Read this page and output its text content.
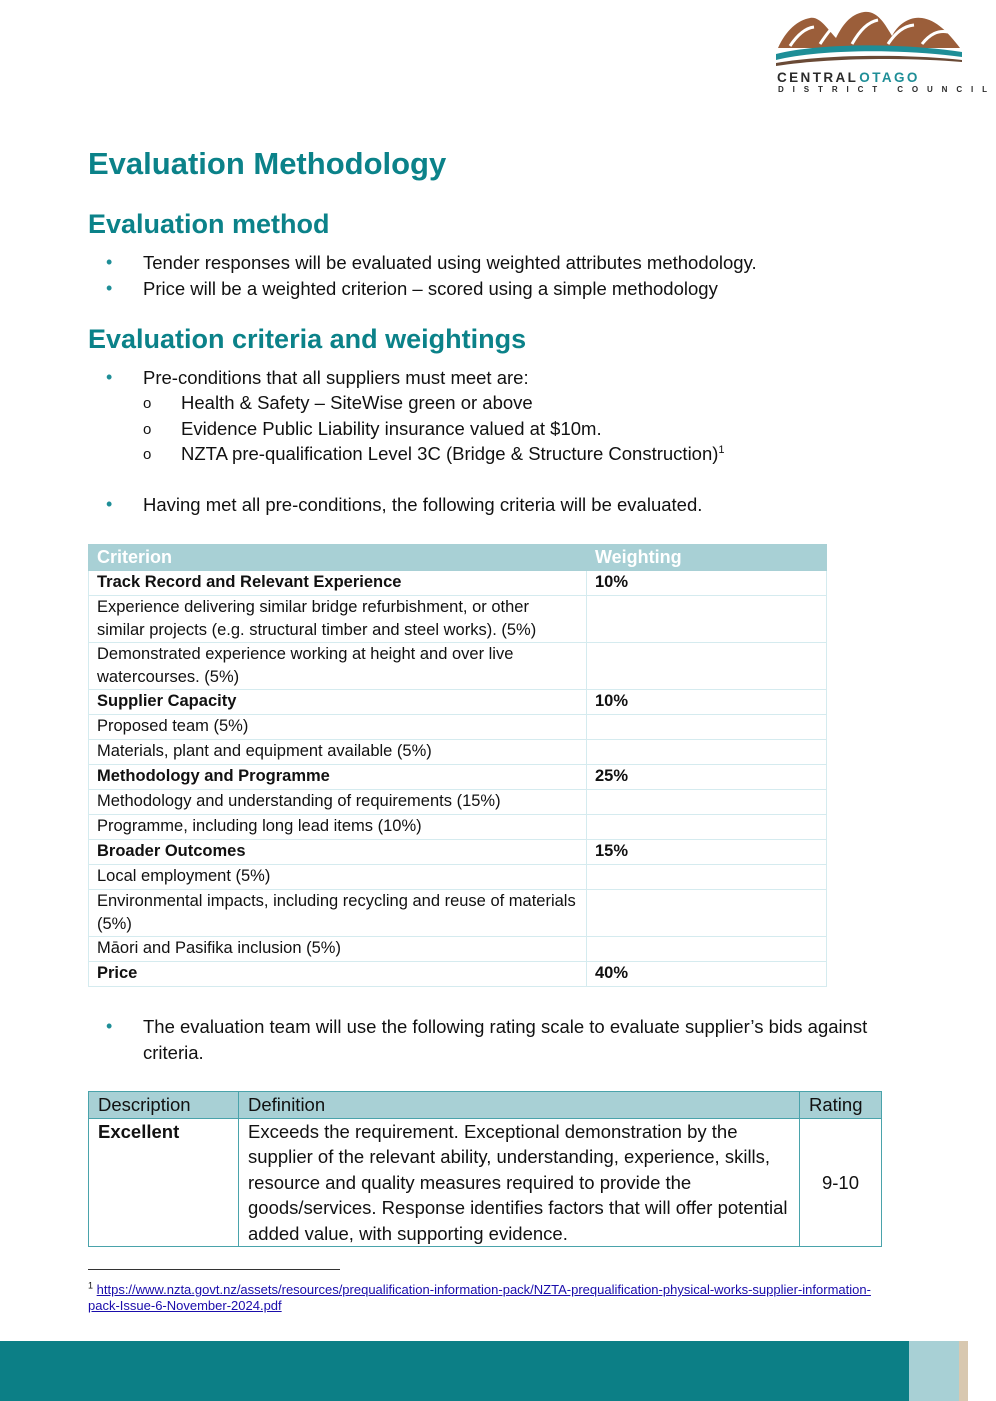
CENTRALOTAGO
DISTRICT COUNCIL
Evaluation Methodology
Evaluation method
• Tender responses will be evaluated using weighted attributes methodology.
• Price will be a weighted criterion – scored using a simple methodology
Evaluation criteria and weightings
• Pre-conditions that all suppliers must meet are:
o Health & Safety – SiteWise green or above
o Evidence Public Liability insurance valued at $10m.
o NZTA pre-qualification Level 3C (Bridge & Structure Construction)$^1$
• Having met all pre-conditions, the following criteria will be evaluated.
Criterion	Weighting
Track Record and Relevant Experience	10%
Experience delivering similar bridge refurbishment, or other similar projects (e.g. structural timber and steel works). (5%)	
Demonstrated experience working at height and over live watercourses. (5%)	
Supplier Capacity	10%
Proposed team (5%)	
Materials, plant and equipment available (5%)	
Methodology and Programme	25%
Methodology and understanding of requirements (15%)	
Programme, including long lead items (10%)	
Broader Outcomes	15%
Local employment (5%)	
Environmental impacts, including recycling and reuse of materials (5%)	
Māori and Pasifika inclusion (5%)	
Price	40%
• The evaluation team will use the following rating scale to evaluate supplier’s bids against criteria.
Description	Definition	Rating
Excellent	Exceeds the requirement. Exceptional demonstration by the supplier of the relevant ability, understanding, experience, skills, resource and quality measures required to provide the goods/services. Response identifies factors that will offer potential added value, with supporting evidence.	9-10
$^1$ https://www.nzta.govt.nz/assets/resources/prequalification-information-pack/NZTA-prequalification-physical-works-supplier-information-pack-Issue-6-November-2024.pdf
